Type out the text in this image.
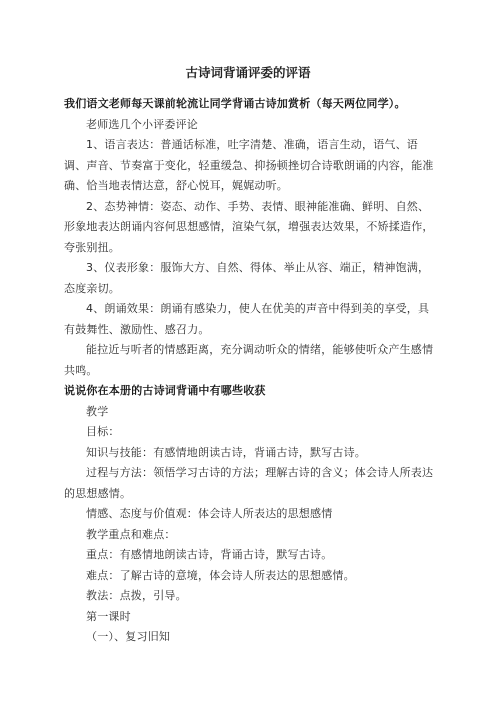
古诗词背诵评委的评语

我们语文老师每天课前轮流让同学背诵古诗加赏析（每天两位同学）。

老师选几个小评委评论

1、语言表达：普通话标准，吐字清楚、准确，语言生动，语气、语调、声音、节奏富于变化，轻重缓急、抑扬顿挫切合诗歌朗诵的内容，能准确、恰当地表情达意，舒心悦耳，娓娓动听。

2、态势神情：姿态、动作、手势、表情、眼神能准确、鲜明、自然、形象地表达朗诵内容何思想感情，渲染气氛，增强表达效果，不矫揉造作，夸张别扭。

3、仪表形象：服饰大方、自然、得体、举止从容、端正，精神饱满，态度亲切。

4、朗诵效果：朗诵有感染力，使人在优美的声音中得到美的享受，具有鼓舞性、激励性、感召力。

能拉近与听者的情感距离，充分调动听众的情绪，能够使听众产生感情共鸣。

说说你在本册的古诗词背诵中有哪些收获

教学

目标：

知识与技能：有感情地朗读古诗，背诵古诗，默写古诗。

过程与方法：领悟学习古诗的方法；理解古诗的含义；体会诗人所表达的思想感情。

情感、态度与价值观：体会诗人所表达的思想感情

教学重点和难点：

重点：有感情地朗读古诗，背诵古诗，默写古诗。

难点：了解古诗的意境，体会诗人所表达的思想感情。

教法：点拨，引导。

第一课时

（一）、复习旧知
